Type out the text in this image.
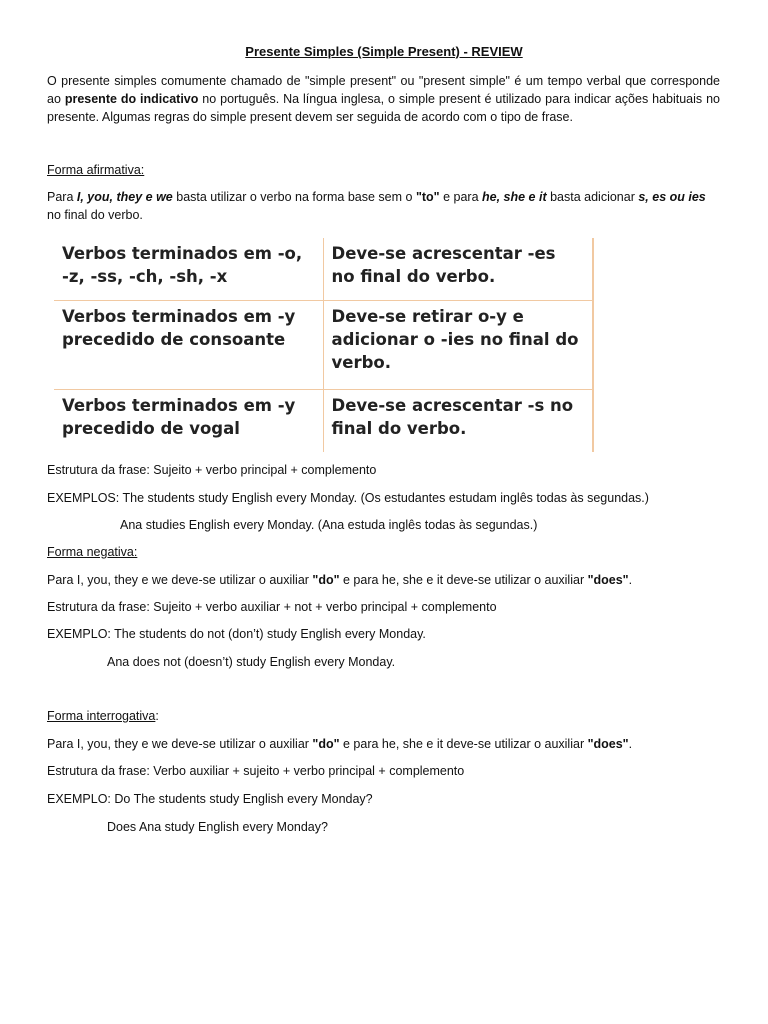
Presente Simples (Simple Present) - REVIEW
O presente simples comumente chamado de "simple present" ou "present simple" é um tempo verbal que corresponde ao presente do indicativo no português. Na língua inglesa, o simple present é utilizado para indicar ações habituais no presente. Algumas regras do simple present devem ser seguida de acordo com o tipo de frase.
Forma afirmativa:
Para I, you, they e we basta utilizar o verbo na forma base sem o "to" e para he, she e it basta adicionar s, es ou ies no final do verbo.
Verbos terminados em -o, -z, -ss, -ch, -sh, -x	Deve-se acrescentar -es no final do verbo.
Verbos terminados em -y precedido de consoante	Deve-se retirar o-y e adicionar o -ies no final do verbo.
Verbos terminados em -y precedido de vogal	Deve-se acrescentar -s no final do verbo.
Estrutura da frase: Sujeito + verbo principal + complemento
EXEMPLOS: The students study English every Monday. (Os estudantes estudam inglês todas às segundas.)
Ana studies English every Monday. (Ana estuda inglês todas às segundas.)
Forma negativa:
Para I, you, they e we deve-se utilizar o auxiliar "do" e para he, she e it deve-se utilizar o auxiliar "does".
Estrutura da frase: Sujeito + verbo auxiliar + not + verbo principal + complemento
EXEMPLO: The students do not (don’t) study English every Monday.
Ana does not (doesn’t) study English every Monday.
Forma interrogativa:
Para I, you, they e we deve-se utilizar o auxiliar "do" e para he, she e it deve-se utilizar o auxiliar "does".
Estrutura da frase: Verbo auxiliar + sujeito + verbo principal + complemento
EXEMPLO: Do The students study English every Monday?
Does Ana study English every Monday?
